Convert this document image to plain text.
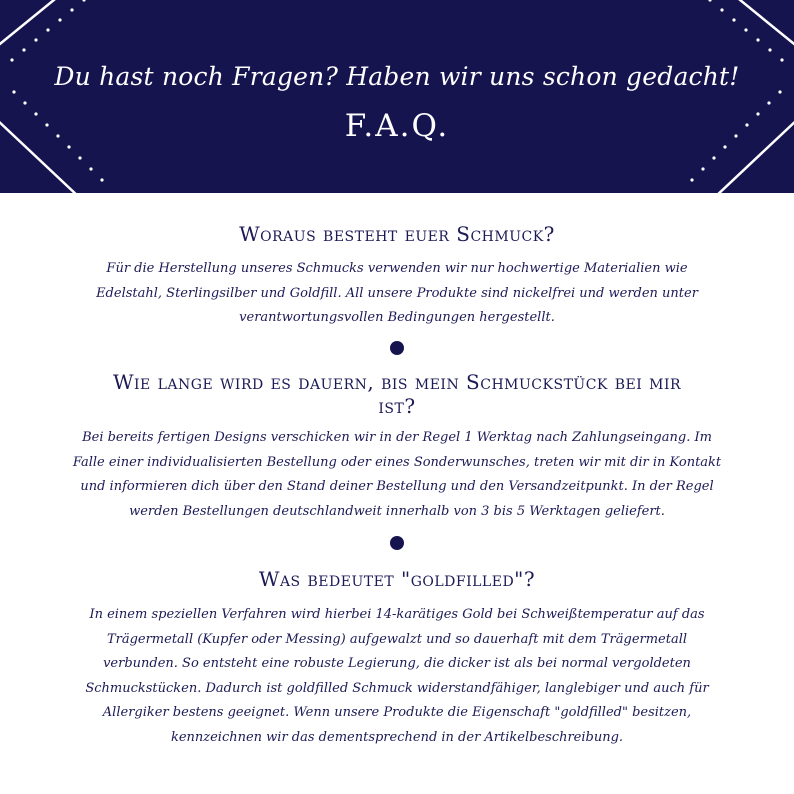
Du hast noch Fragen? Haben wir uns schon gedacht!
F.A.Q.
Woraus besteht euer Schmuck?
Für die Herstellung unseres Schmucks verwenden wir nur hochwertige Materialien wie Edelstahl, Sterlingsilber und Goldfill. All unsere Produkte sind nickelfrei und werden unter verantwortungsvollen Bedingungen hergestellt.
Wie lange wird es dauern, bis mein Schmuckstück bei mir ist?
Bei bereits fertigen Designs verschicken wir in der Regel 1 Werktag nach Zahlungseingang. Im Falle einer individualisierten Bestellung oder eines Sonderwunsches, treten wir mit dir in Kontakt und informieren dich über den Stand deiner Bestellung und den Versandzeitpunkt. In der Regel werden Bestellungen deutschlandweit innerhalb von 3 bis 5 Werktagen geliefert.
Was bedeutet "goldfilled"?
In einem speziellen Verfahren wird hierbei 14-karätiges Gold bei Schweißtemperatur auf das Trägermetall (Kupfer oder Messing) aufgewalzt und so dauerhaft mit dem Trägermetall verbunden. So entsteht eine robuste Legierung, die dicker ist als bei normal vergoldeten Schmuckstücken. Dadurch ist goldfilled Schmuck widerstandfähiger, langlebiger und auch für Allergiker bestens geeignet. Wenn unsere Produkte die Eigenschaft "goldfilled" besitzen, kennzeichnen wir das dementsprechend in der Artikelbeschreibung.
